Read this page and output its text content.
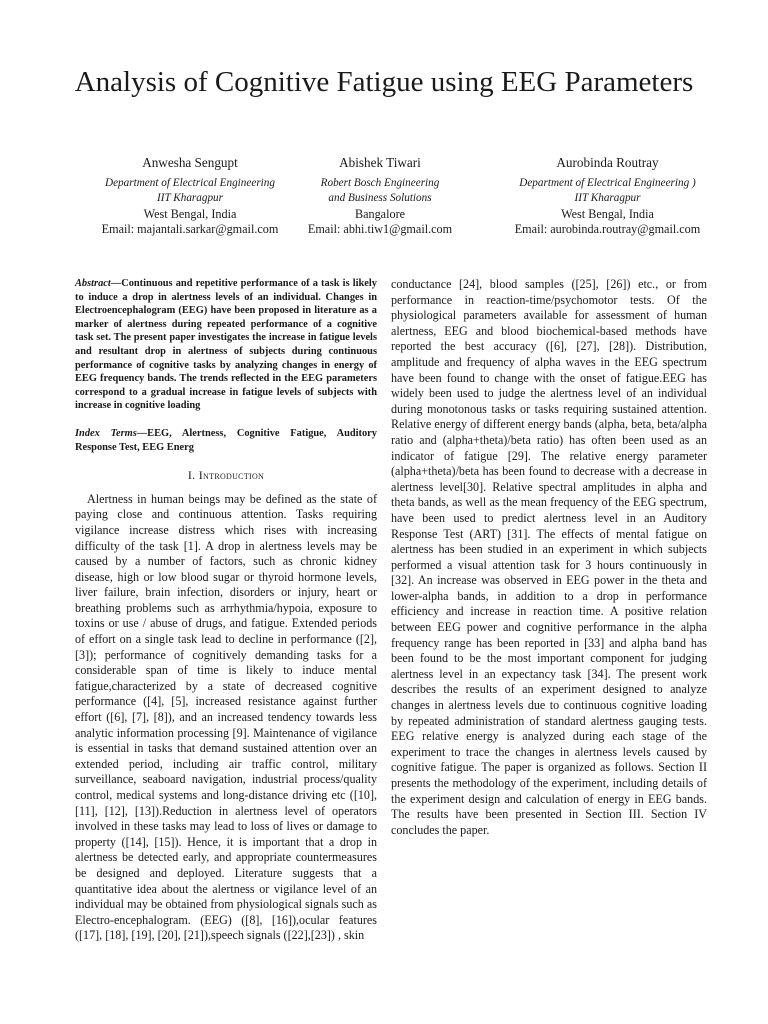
Analysis of Cognitive Fatigue using EEG Parameters
Anwesha Sengupt
Department of Electrical Engineering
IIT Kharagpur
West Bengal, India
Email: majantali.sarkar@gmail.com
Abishek Tiwari
Robert Bosch Engineering
and Business Solutions
Bangalore
Email: abhi.tiw1@gmail.com
Aurobinda Routray
Department of Electrical Engineering )
IIT Kharagpur
West Bengal, India
Email: aurobinda.routray@gmail.com

Abstract—Continuous and repetitive performance of a task is likely to induce a drop in alertness levels of an individual. Changes in Electroencephalogram (EEG) have been proposed in literature as a marker of alertness during repeated performance of a cognitive task set. The present paper investigates the increase in fatigue levels and resultant drop in alertness of subjects during continuous performance of cognitive tasks by analyzing changes in energy of EEG frequency bands. The trends reflected in the EEG parameters correspond to a gradual increase in fatigue levels of subjects with increase in cognitive loading

Index Terms—EEG, Alertness, Cognitive Fatigue, Auditory Response Test, EEG Energ

I. Introduction

Alertness in human beings may be defined as the state of paying close and continuous attention. Tasks requiring vigilance increase distress which rises with increasing difficulty of the task [1]. A drop in alertness levels may be caused by a number of factors, such as chronic kidney disease, high or low blood sugar or thyroid hormone levels, liver failure, brain infection, disorders or injury, heart or breathing problems such as arrhythmia/hypoia, exposure to toxins or use / abuse of drugs, and fatigue. Extended periods of effort on a single task lead to decline in performance ([2], [3]); performance of cognitively demanding tasks for a considerable span of time is likely to induce mental fatigue,characterized by a state of decreased cognitive performance ([4], [5], increased resistance against further effort ([6], [7], [8]), and an increased tendency towards less analytic information processing [9]. Maintenance of vigilance is essential in tasks that demand sustained attention over an extended period, including air traffic control, military surveillance, seaboard navigation, industrial process/quality control, medical systems and long-distance driving etc ([10], [11], [12], [13]).Reduction in alertness level of operators involved in these tasks may lead to loss of lives or damage to property ([14], [15]). Hence, it is important that a drop in alertness be detected early, and appropriate countermeasures be designed and deployed. Literature suggests that a quantitative idea about the alertness or vigilance level of an individual may be obtained from physiological signals such as Electro-encephalogram. (EEG) ([8], [16]),ocular features ([17], [18], [19], [20], [21]),speech signals ([22],[23]) , skin

conductance [24], blood samples ([25], [26]) etc., or from performance in reaction-time/psychomotor tests. Of the physiological parameters available for assessment of human alertness, EEG and blood biochemical-based methods have reported the best accuracy ([6], [27], [28]). Distribution, amplitude and frequency of alpha waves in the EEG spectrum have been found to change with the onset of fatigue.EEG has widely been used to judge the alertness level of an individual during monotonous tasks or tasks requiring sustained attention. Relative energy of different energy bands (alpha, beta, beta/alpha ratio and (alpha+theta)/beta ratio) has often been used as an indicator of fatigue [29]. The relative energy parameter (alpha+theta)/beta has been found to decrease with a decrease in alertness level[30]. Relative spectral amplitudes in alpha and theta bands, as well as the mean frequency of the EEG spectrum, have been used to predict alertness level in an Auditory Response Test (ART) [31]. The effects of mental fatigue on alertness has been studied in an experiment in which subjects performed a visual attention task for 3 hours continuously in [32]. An increase was observed in EEG power in the theta and lower-alpha bands, in addition to a drop in performance efficiency and increase in reaction time. A positive relation between EEG power and cognitive performance in the alpha frequency range has been reported in [33] and alpha band has been found to be the most important component for judging alertness level in an expectancy task [34]. The present work describes the results of an experiment designed to analyze changes in alertness levels due to continuous cognitive loading by repeated administration of standard alertness gauging tests. EEG relative energy is analyzed during each stage of the experiment to trace the changes in alertness levels caused by cognitive fatigue. The paper is organized as follows. Section II presents the methodology of the experiment, including details of the experiment design and calculation of energy in EEG bands. The results have been presented in Section III. Section IV concludes the paper.
